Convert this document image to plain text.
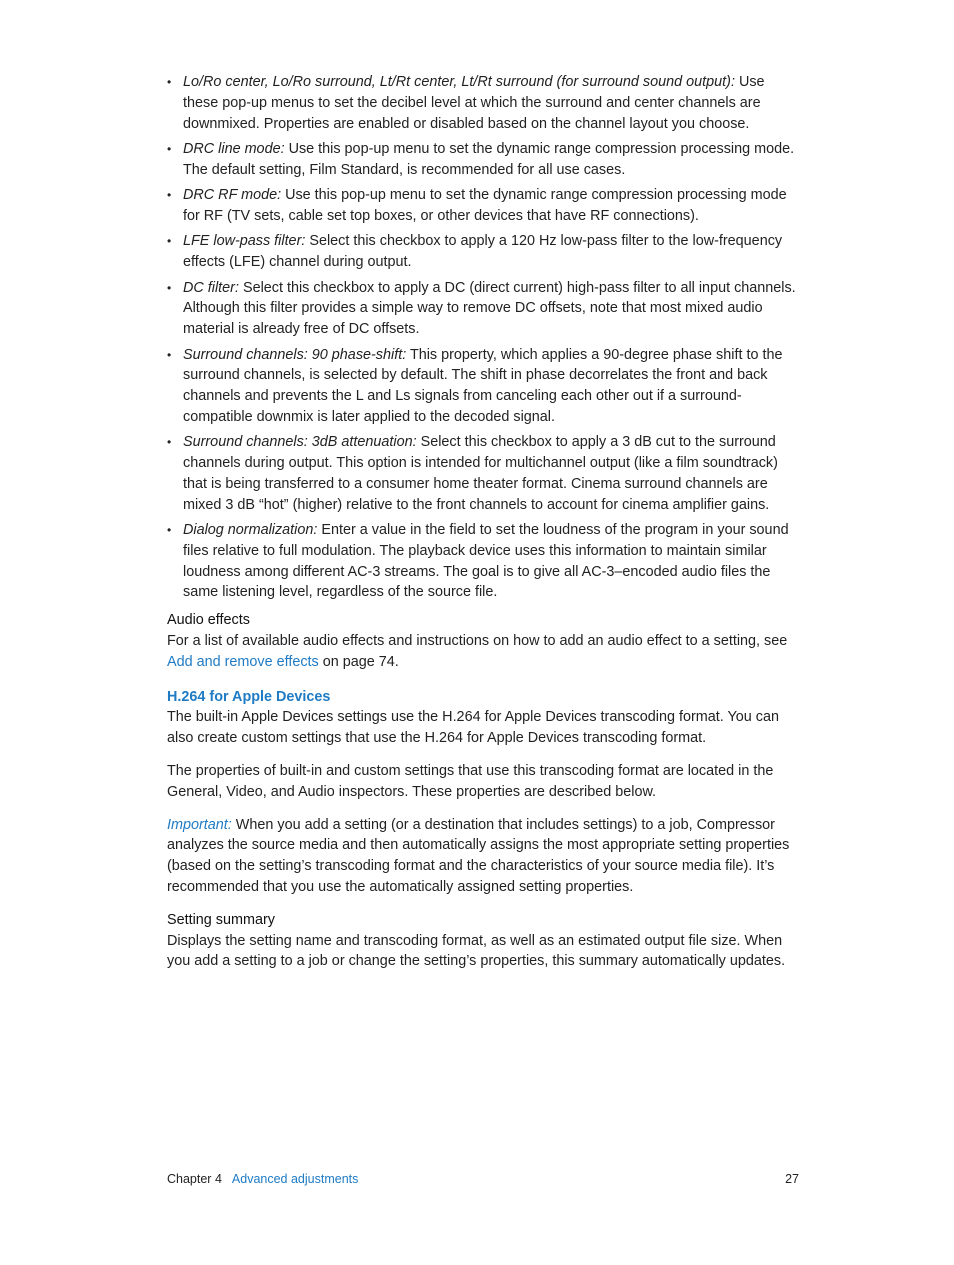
• Lo/Ro center, Lo/Ro surround, Lt/Rt center, Lt/Rt surround (for surround sound output): Use these pop-up menus to set the decibel level at which the surround and center channels are downmixed. Properties are enabled or disabled based on the channel layout you choose.
• DRC line mode: Use this pop-up menu to set the dynamic range compression processing mode. The default setting, Film Standard, is recommended for all use cases.
• DRC RF mode: Use this pop-up menu to set the dynamic range compression processing mode for RF (TV sets, cable set top boxes, or other devices that have RF connections).
• LFE low-pass filter: Select this checkbox to apply a 120 Hz low-pass filter to the low-frequency effects (LFE) channel during output.
• DC filter: Select this checkbox to apply a DC (direct current) high-pass filter to all input channels. Although this filter provides a simple way to remove DC offsets, note that most mixed audio material is already free of DC offsets.
• Surround channels: 90 phase-shift: This property, which applies a 90-degree phase shift to the surround channels, is selected by default. The shift in phase decorrelates the front and back channels and prevents the L and Ls signals from canceling each other out if a surround-compatible downmix is later applied to the decoded signal.
• Surround channels: 3dB attenuation: Select this checkbox to apply a 3 dB cut to the surround channels during output. This option is intended for multichannel output (like a film soundtrack) that is being transferred to a consumer home theater format. Cinema surround channels are mixed 3 dB “hot” (higher) relative to the front channels to account for cinema amplifier gains.
• Dialog normalization: Enter a value in the field to set the loudness of the program in your sound files relative to full modulation. The playback device uses this information to maintain similar loudness among different AC-3 streams. The goal is to give all AC-3–encoded audio files the same listening level, regardless of the source file.
Audio effects

For a list of available audio effects and instructions on how to add an audio effect to a setting, see Add and remove effects on page 74.

H.264 for Apple Devices

The built-in Apple Devices settings use the H.264 for Apple Devices transcoding format. You can also create custom settings that use the H.264 for Apple Devices transcoding format.

The properties of built-in and custom settings that use this transcoding format are located in the General, Video, and Audio inspectors. These properties are described below.

Important: When you add a setting (or a destination that includes settings) to a job, Compressor analyzes the source media and then automatically assigns the most appropriate setting properties (based on the setting’s transcoding format and the characteristics of your source media file). It’s recommended that you use the automatically assigned setting properties.

Setting summary

Displays the setting name and transcoding format, as well as an estimated output file size. When you add a setting to a job or change the setting’s properties, this summary automatically updates.

Chapter 4 Advanced adjustments	27
